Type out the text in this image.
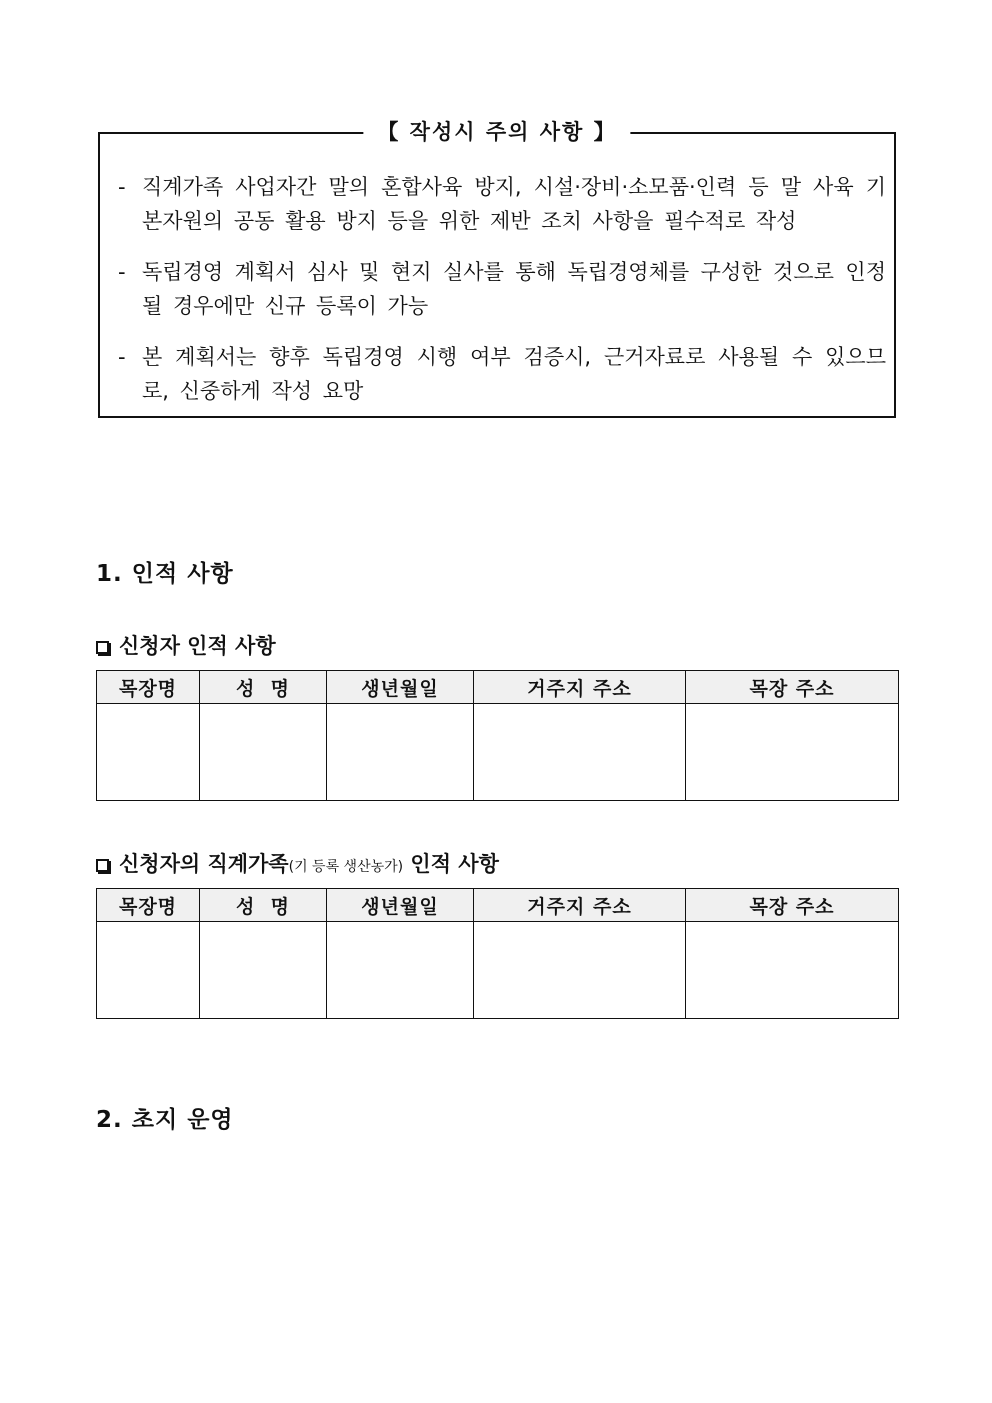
【 작성시 주의 사항 】
- 직계가족 사업자간 말의 혼합사육 방지, 시설·장비·소모품·인력 등 말 사육 기본자원의 공동 활용 방지 등을 위한 제반 조치 사항을 필수적로 작성
- 독립경영 계획서 심사 및 현지 실사를 통해 독립경영체를 구성한 것으로 인정될 경우에만 신규 등록이 가능
- 본 계획서는 향후 독립경영 시행 여부 검증시, 근거자료로 사용될 수 있으므로, 신중하게 작성 요망
1. 인적 사항
신청자 인적 사항
목장명	성  명	생년월일	거주지 주소	목장 주소

신청자의 직계가족 (기 등록 생산농가) 인적 사항
목장명	성  명	생년월일	거주지 주소	목장 주소

2. 초지 운영
